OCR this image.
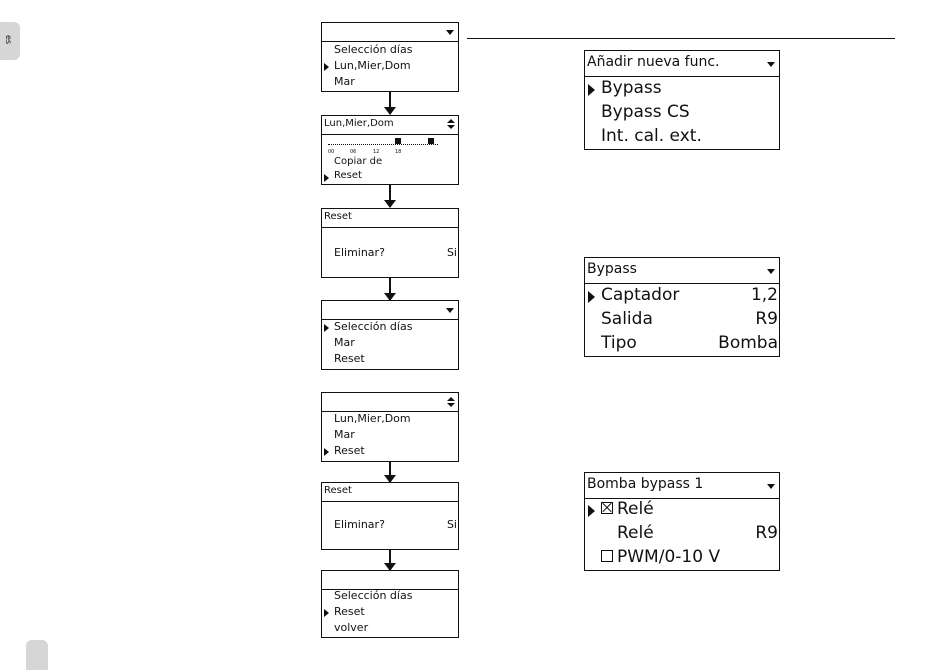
es
Selección días
Lun,Mier,Dom
Mar
Lun,Mier,Dom
00	06	12	18
Copiar de
Reset
Reset
Eliminar?	Si
Selección días
Mar
Reset
Lun,Mier,Dom
Mar
Reset
Reset
Eliminar?	Si
Selección días
Reset
volver
Añadir nueva func.
Bypass
Bypass CS
Int. cal. ext.
Bypass
Captador	1,2
Salida	R9
Tipo	Bomba
Bomba bypass 1
Relé
Relé	R9
PWM/0-10 V
